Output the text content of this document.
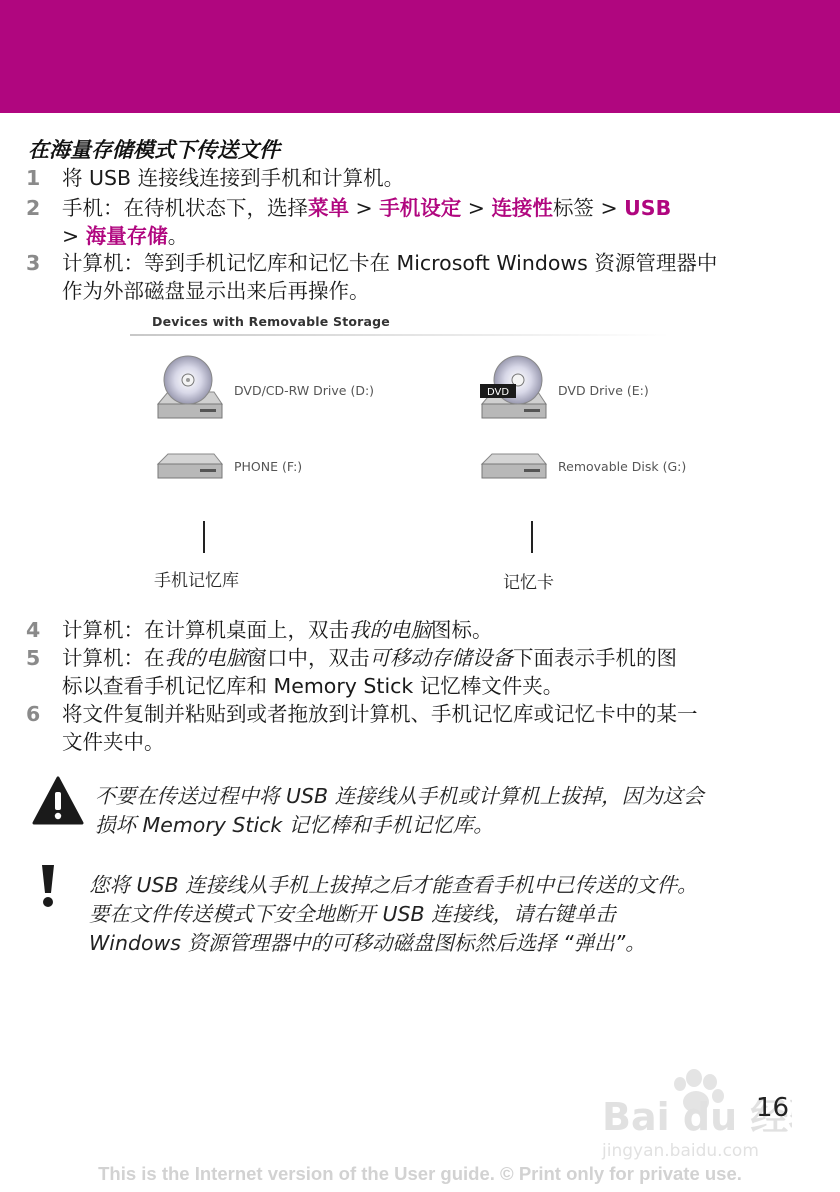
在海量存储模式下传送文件
1 将 USB 连接线连接到手机和计算机。
2 手机：在待机状态下，选择菜单 > 手机设定 > 连接性标签 > USB
> 海量存储。
3 计算机：等到手机记忆库和记忆卡在 Microsoft Windows 资源管理器中
作为外部磁盘显示出来后再操作。
Devices with Removable Storage
DVD/CD-RW Drive (D:)	DVD	DVD Drive (E:)
PHONE (F:)	Removable Disk (G:)
手机记忆库	记忆卡
4 计算机：在计算机桌面上，双击我的电脑图标。
5 计算机：在我的电脑窗口中，双击可移动存储设备下面表示手机的图
标以查看手机记忆库和 Memory Stick 记忆棒文件夹。
6 将文件复制并粘贴到或者拖放到计算机、手机记忆库或记忆卡中的某一
文件夹中。
不要在传送过程中将 USB 连接线从手机或计算机上拔掉，因为这会
损坏 Memory Stick 记忆棒和手机记忆库。
您将 USB 连接线从手机上拔掉之后才能查看手机中已传送的文件。
要在文件传送模式下安全地断开 USB 连接线，请右键单击
Windows 资源管理器中的可移动磁盘图标然后选择 “弹出”。
Bai du 经
jingyan.baidu.com
16
This is the Internet version of the User guide. © Print only for private use.
